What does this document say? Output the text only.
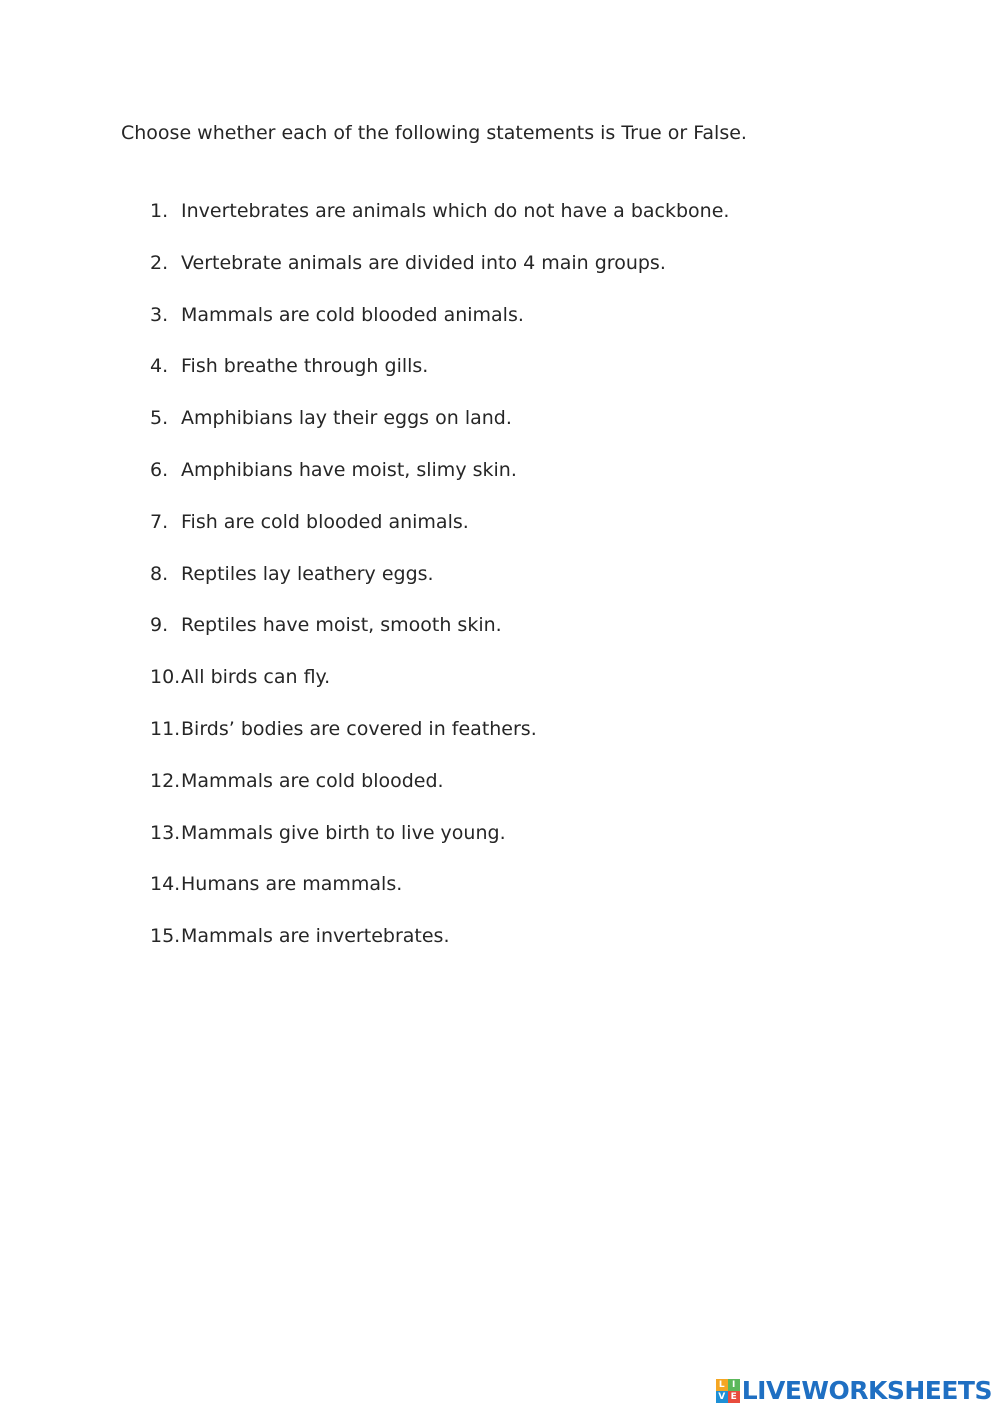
Choose whether each of the following statements is True or False.
1. Invertebrates are animals which do not have a backbone.
2. Vertebrate animals are divided into 4 main groups.
3. Mammals are cold blooded animals.
4. Fish breathe through gills.
5. Amphibians lay their eggs on land.
6. Amphibians have moist, slimy skin.
7. Fish are cold blooded animals.
8. Reptiles lay leathery eggs.
9. Reptiles have moist, smooth skin.
10.All birds can fly.
11.Birds’ bodies are covered in feathers.
12.Mammals are cold blooded.
13.Mammals give birth to live young.
14.Humans are mammals.
15.Mammals are invertebrates.
L I
V E LIVEWORKSHEETS
